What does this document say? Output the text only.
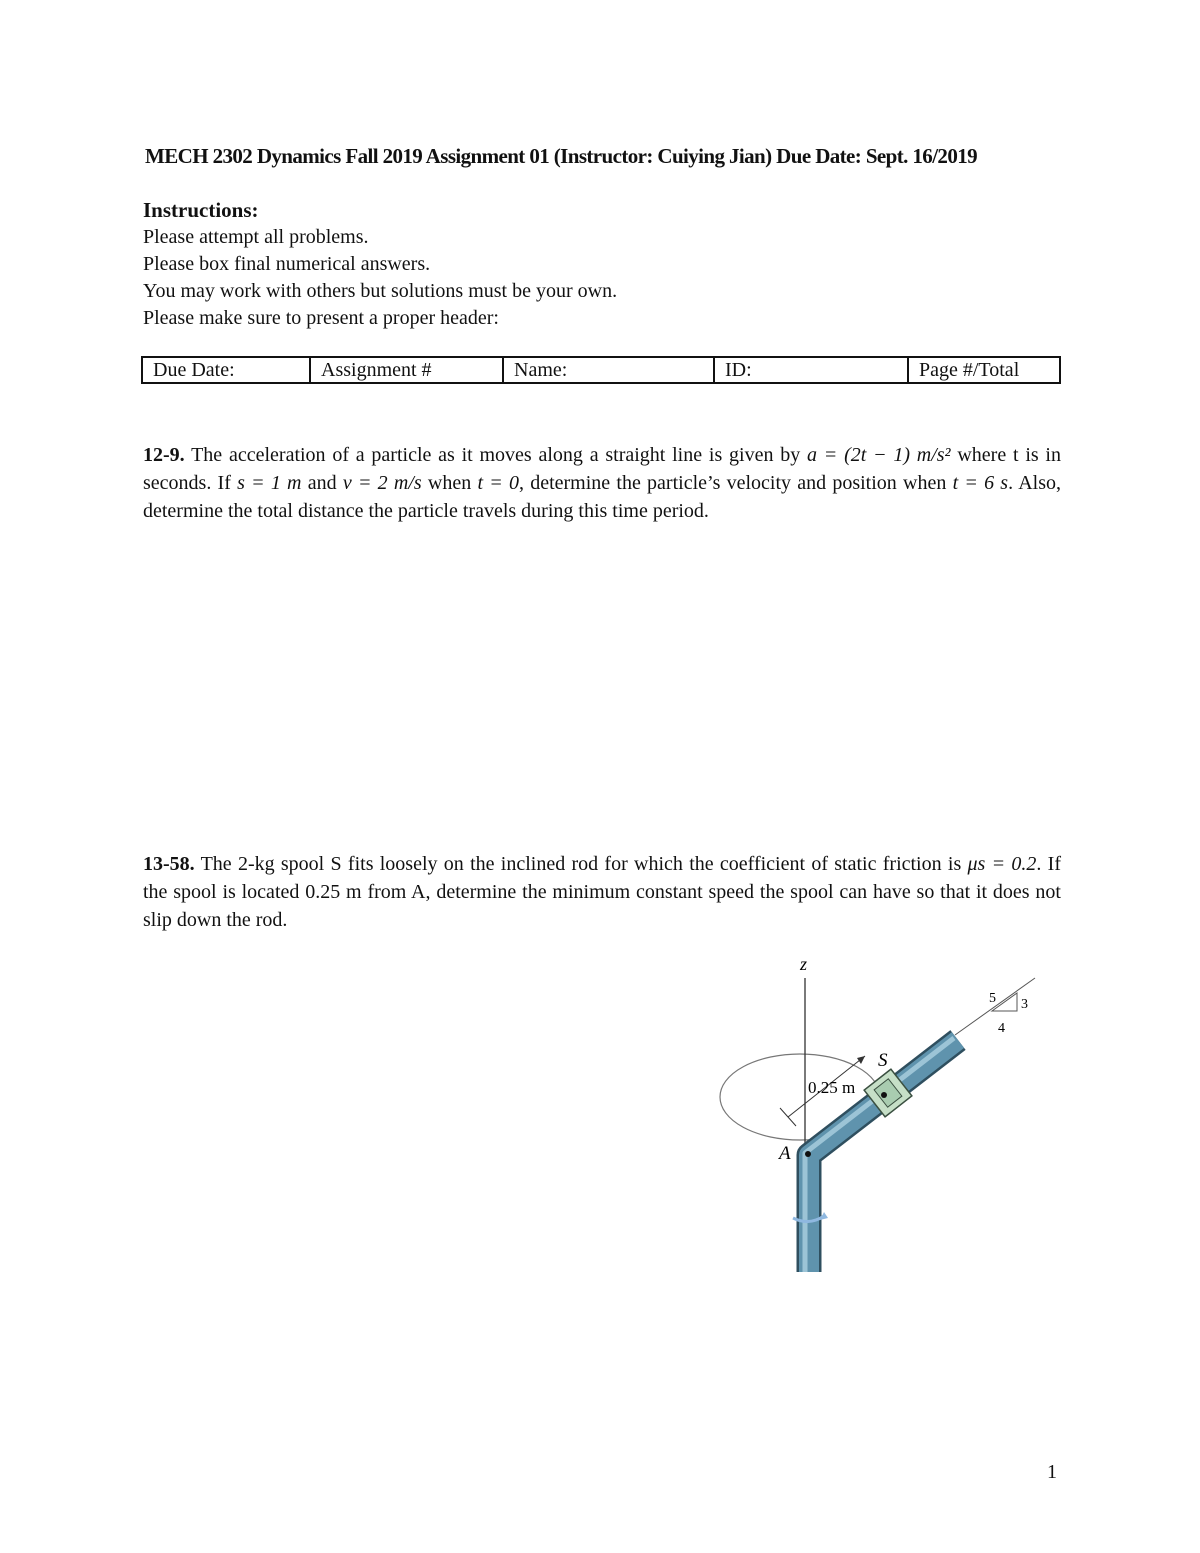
MECH 2302 Dynamics Fall 2019 Assignment 01 (Instructor: Cuiying Jian) Due Date: Sept. 16/2019
Instructions:
Please attempt all problems.
Please box final numerical answers.
You may work with others but solutions must be your own.
Please make sure to present a proper header:
Due Date:	Assignment #	Name:	ID:	Page #/Total
12-9. The acceleration of a particle as it moves along a straight line is given by a = (2t − 1) m/s² where t is in seconds. If s = 1 m and v = 2 m/s when t = 0, determine the particle’s velocity and position when t = 6 s. Also, determine the total distance the particle travels during this time period.
13-58. The 2-kg spool S fits loosely on the inclined rod for which the coefficient of static friction is μs = 0.2. If the spool is located 0.25 m from A, determine the minimum constant speed the spool can have so that it does not slip down the rod.
z
5 3
4
0.25 m
S
A
1
